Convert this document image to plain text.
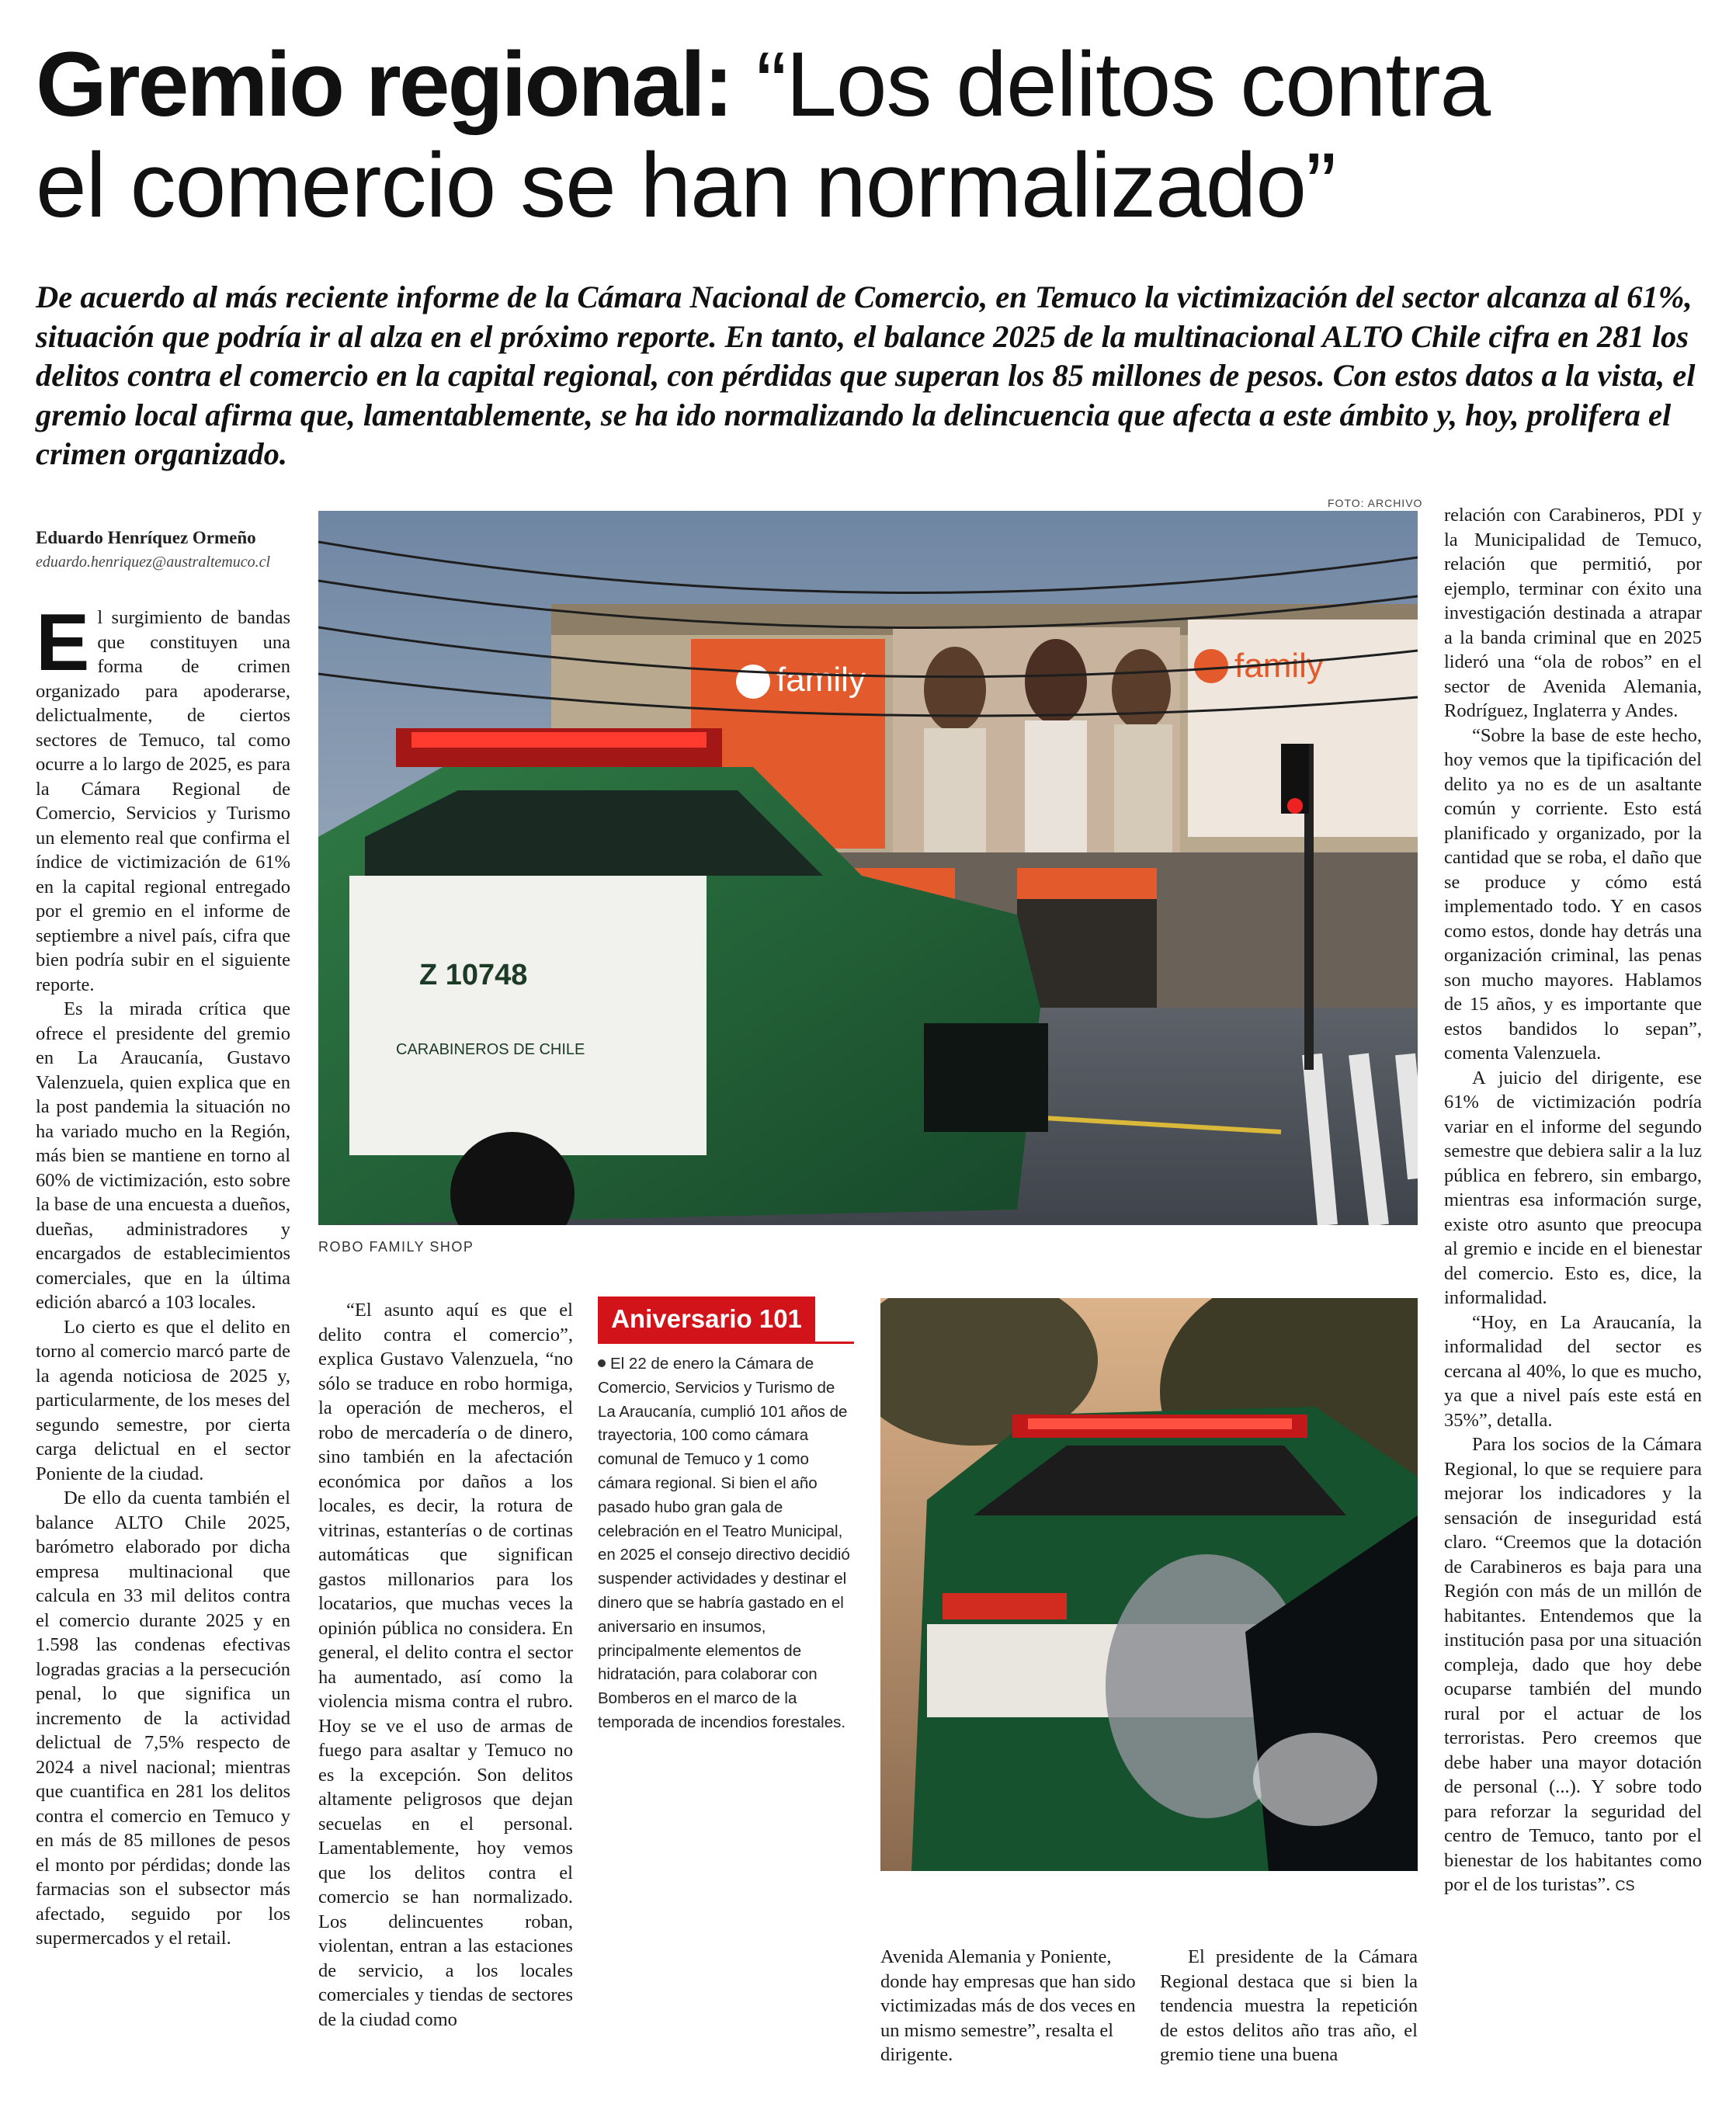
Gremio regional: “Los delitos contra
el comercio se han normalizado”
De acuerdo al más reciente informe de la Cámara Nacional de Comercio, en Temuco la victimización del sector alcanza al 61%, situación que podría ir al alza en el próximo reporte. En tanto, el balance 2025 de la multinacional ALTO Chile cifra en 281 los delitos contra el comercio en la capital regional, con pérdidas que superan los 85 millones de pesos. Con estos datos a la vista, el gremio local afirma que, lamentablemente, se ha ido normalizando la delincuencia que afecta a este ámbito y, hoy, prolifera el crimen organizado.
Eduardo Henríquez Ormeño
eduardo.henriquez@australtemuco.cl

El surgimiento de bandas que constituyen una forma de crimen organizado para apoderarse, delictualmente, de ciertos sectores de Temuco, tal como ocurre a lo largo de 2025, es para la Cámara Regional de Comercio, Servicios y Turismo un elemento real que confirma el índice de victimización de 61% en la capital regional entregado por el gremio en el informe de septiembre a nivel país, cifra que bien podría subir en el siguiente reporte.

Es la mirada crítica que ofrece el presidente del gremio en La Araucanía, Gustavo Valenzuela, quien explica que en la post pandemia la situación no ha variado mucho en la Región, más bien se mantiene en torno al 60% de victimización, esto sobre la base de una encuesta a dueños, dueñas, administradores y encargados de establecimientos comerciales, que en la última edición abarcó a 103 locales.

Lo cierto es que el delito en torno al comercio marcó parte de la agenda noticiosa de 2025 y, particularmente, de los meses del segundo semestre, por cierta carga delictual en el sector Poniente de la ciudad.

De ello da cuenta también el balance ALTO Chile 2025, barómetro elaborado por dicha empresa multinacional que calcula en 33 mil delitos contra el comercio durante 2025 y en 1.598 las condenas efectivas logradas gracias a la persecución penal, lo que significa un incremento de la actividad delictual de 7,5% respecto de 2024 a nivel nacional; mientras que cuantifica en 281 los delitos contra el comercio en Temuco y en más de 85 millones de pesos el monto por pérdidas; donde las farmacias son el subsector más afectado, seguido por los supermercados y el retail.

FOTO: ARCHIVO
family	family
Z 10748
CARABINEROS DE CHILE
ROBO FAMILY SHOP

“El asunto aquí es que el delito contra el comercio”, explica Gustavo Valenzuela, “no sólo se traduce en robo hormiga, la operación de mecheros, el robo de mercadería o de dinero, sino también en la afectación económica por daños a los locales, es decir, la rotura de vitrinas, estanterías o de cortinas automáticas que significan gastos millonarios para los locatarios, que muchas veces la opinión pública no considera. En general, el delito contra el sector ha aumentado, así como la violencia misma contra el rubro. Hoy se ve el uso de armas de fuego para asaltar y Temuco no es la excepción. Son delitos altamente peligrosos que dejan secuelas en el personal. Lamentablemente, hoy vemos que los delitos contra el comercio se han normalizado. Los delincuentes roban, violentan, entran a las estaciones de servicio, a los locales comerciales y tiendas de sectores de la ciudad como

Aniversario 101

El 22 de enero la Cámara de Comercio, Servicios y Turismo de La Araucanía, cumplió 101 años de trayectoria, 100 como cámara comunal de Temuco y 1 como cámara regional. Si bien el año pasado hubo gran gala de celebración en el Teatro Municipal, en 2025 el consejo directivo decidió suspender actividades y destinar el dinero que se habría gastado en el aniversario en insumos, principalmente elementos de hidratación, para colaborar con Bomberos en el marco de la temporada de incendios forestales.

Avenida Alemania y Poniente, donde hay empresas que han sido victimizadas más de dos veces en un mismo semestre”, resalta el dirigente.

El presidente de la Cámara Regional destaca que si bien la tendencia muestra la repetición de estos delitos año tras año, el gremio tiene una buena

relación con Carabineros, PDI y la Municipalidad de Temuco, relación que permitió, por ejemplo, terminar con éxito una investigación destinada a atrapar a la banda criminal que en 2025 lideró una “ola de robos” en el sector de Avenida Alemania, Rodríguez, Inglaterra y Andes.

“Sobre la base de este hecho, hoy vemos que la tipificación del delito ya no es de un asaltante común y corriente. Esto está planificado y organizado, por la cantidad que se roba, el daño que se produce y cómo está implementado todo. Y en casos como estos, donde hay detrás una organización criminal, las penas son mucho mayores. Hablamos de 15 años, y es importante que estos bandidos lo sepan”, comenta Valenzuela.

A juicio del dirigente, ese 61% de victimización podría variar en el informe del segundo semestre que debiera salir a la luz pública en febrero, sin embargo, mientras esa información surge, existe otro asunto que preocupa al gremio e incide en el bienestar del comercio. Esto es, dice, la informalidad.

“Hoy, en La Araucanía, la informalidad del sector es cercana al 40%, lo que es mucho, ya que a nivel país este está en 35%”, detalla.

Para los socios de la Cámara Regional, lo que se requiere para mejorar los indicadores y la sensación de inseguridad está claro. “Creemos que la dotación de Carabineros es baja para una Región con más de un millón de habitantes. Entendemos que la institución pasa por una situación compleja, dado que hoy debe ocuparse también del mundo rural por el actuar de los terroristas. Pero creemos que debe haber una mayor dotación de personal (...). Y sobre todo para reforzar la seguridad del centro de Temuco, tanto por el bienestar de los habitantes como por el de los turistas”. CS
